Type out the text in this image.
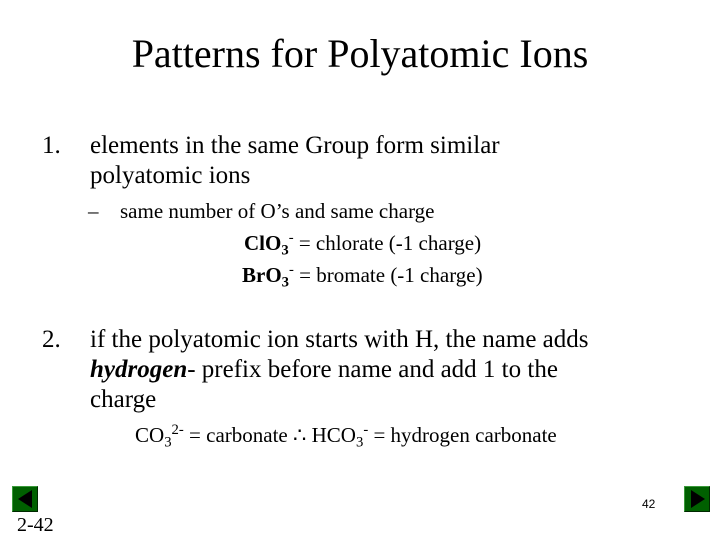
Patterns for Polyatomic Ions
1. elements in the same Group form similar
polyatomic ions
– same number of O’s and same charge
ClO$_3$- = chlorate (-1 charge)
BrO$_3$- = bromate (-1 charge)
2. if the polyatomic ion starts with H, the name adds
hydrogen- prefix before name and add 1 to the
charge
$CO_3^{2-}$ = carbonate ∴ $HCO_3^-$ = hydrogen carbonate
42
2-42
